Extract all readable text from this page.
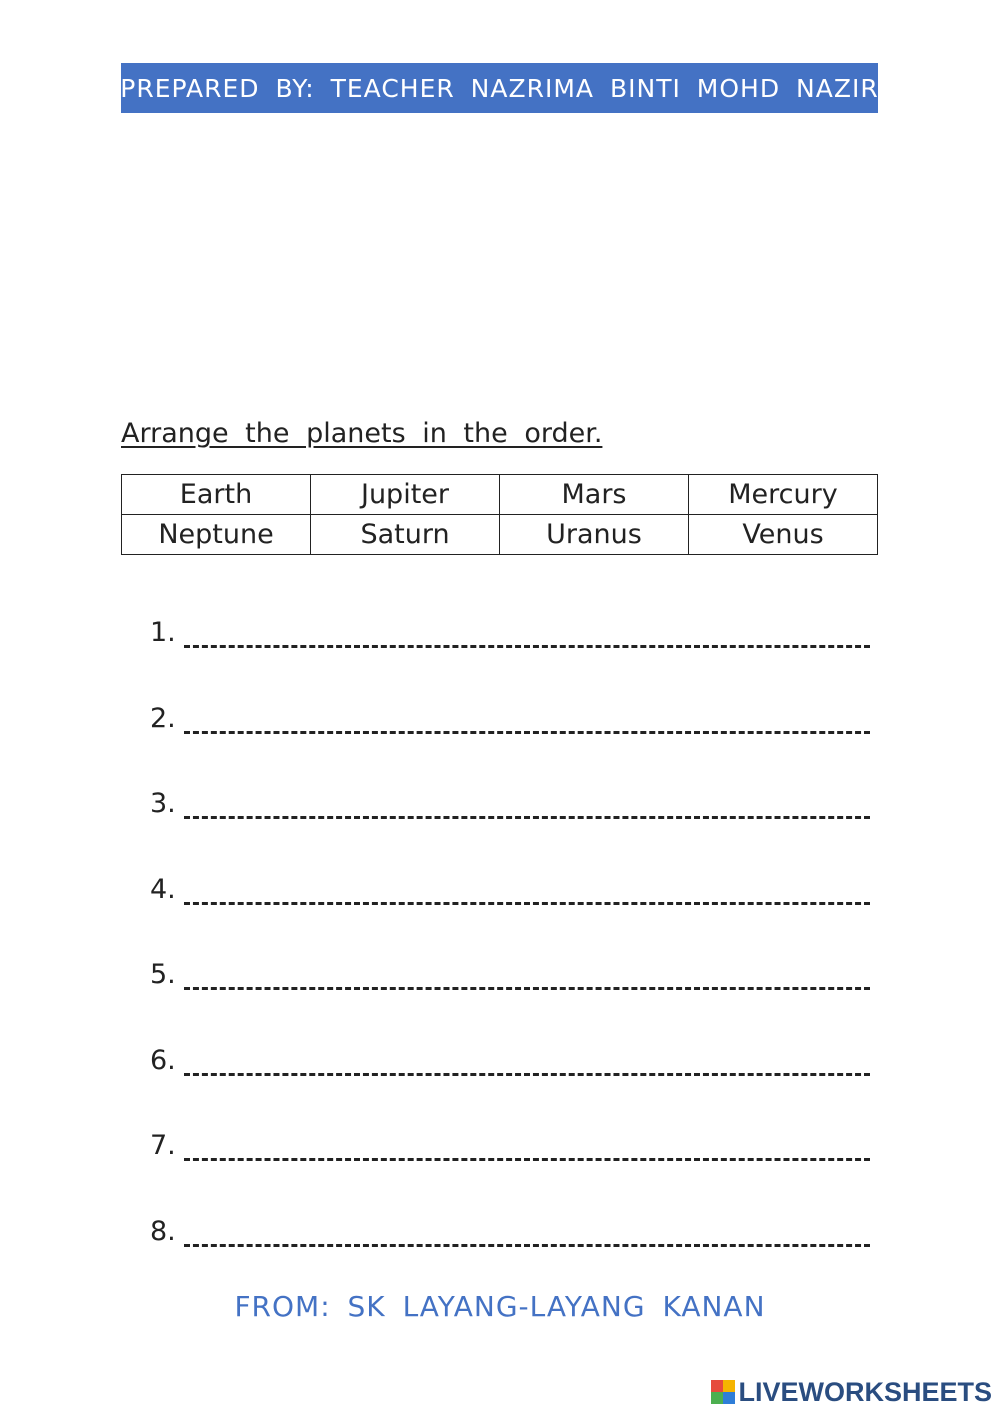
PREPARED BY: TEACHER NAZRIMA BINTI MOHD NAZIR
Arrange the planets in the order.
Earth	Jupiter	Mars	Mercury
Neptune	Saturn	Uranus	Venus
1.
2.
3.
4.
5.
6.
7.
8.
FROM: SK LAYANG-LAYANG KANAN
LIVEWORKSHEETS
